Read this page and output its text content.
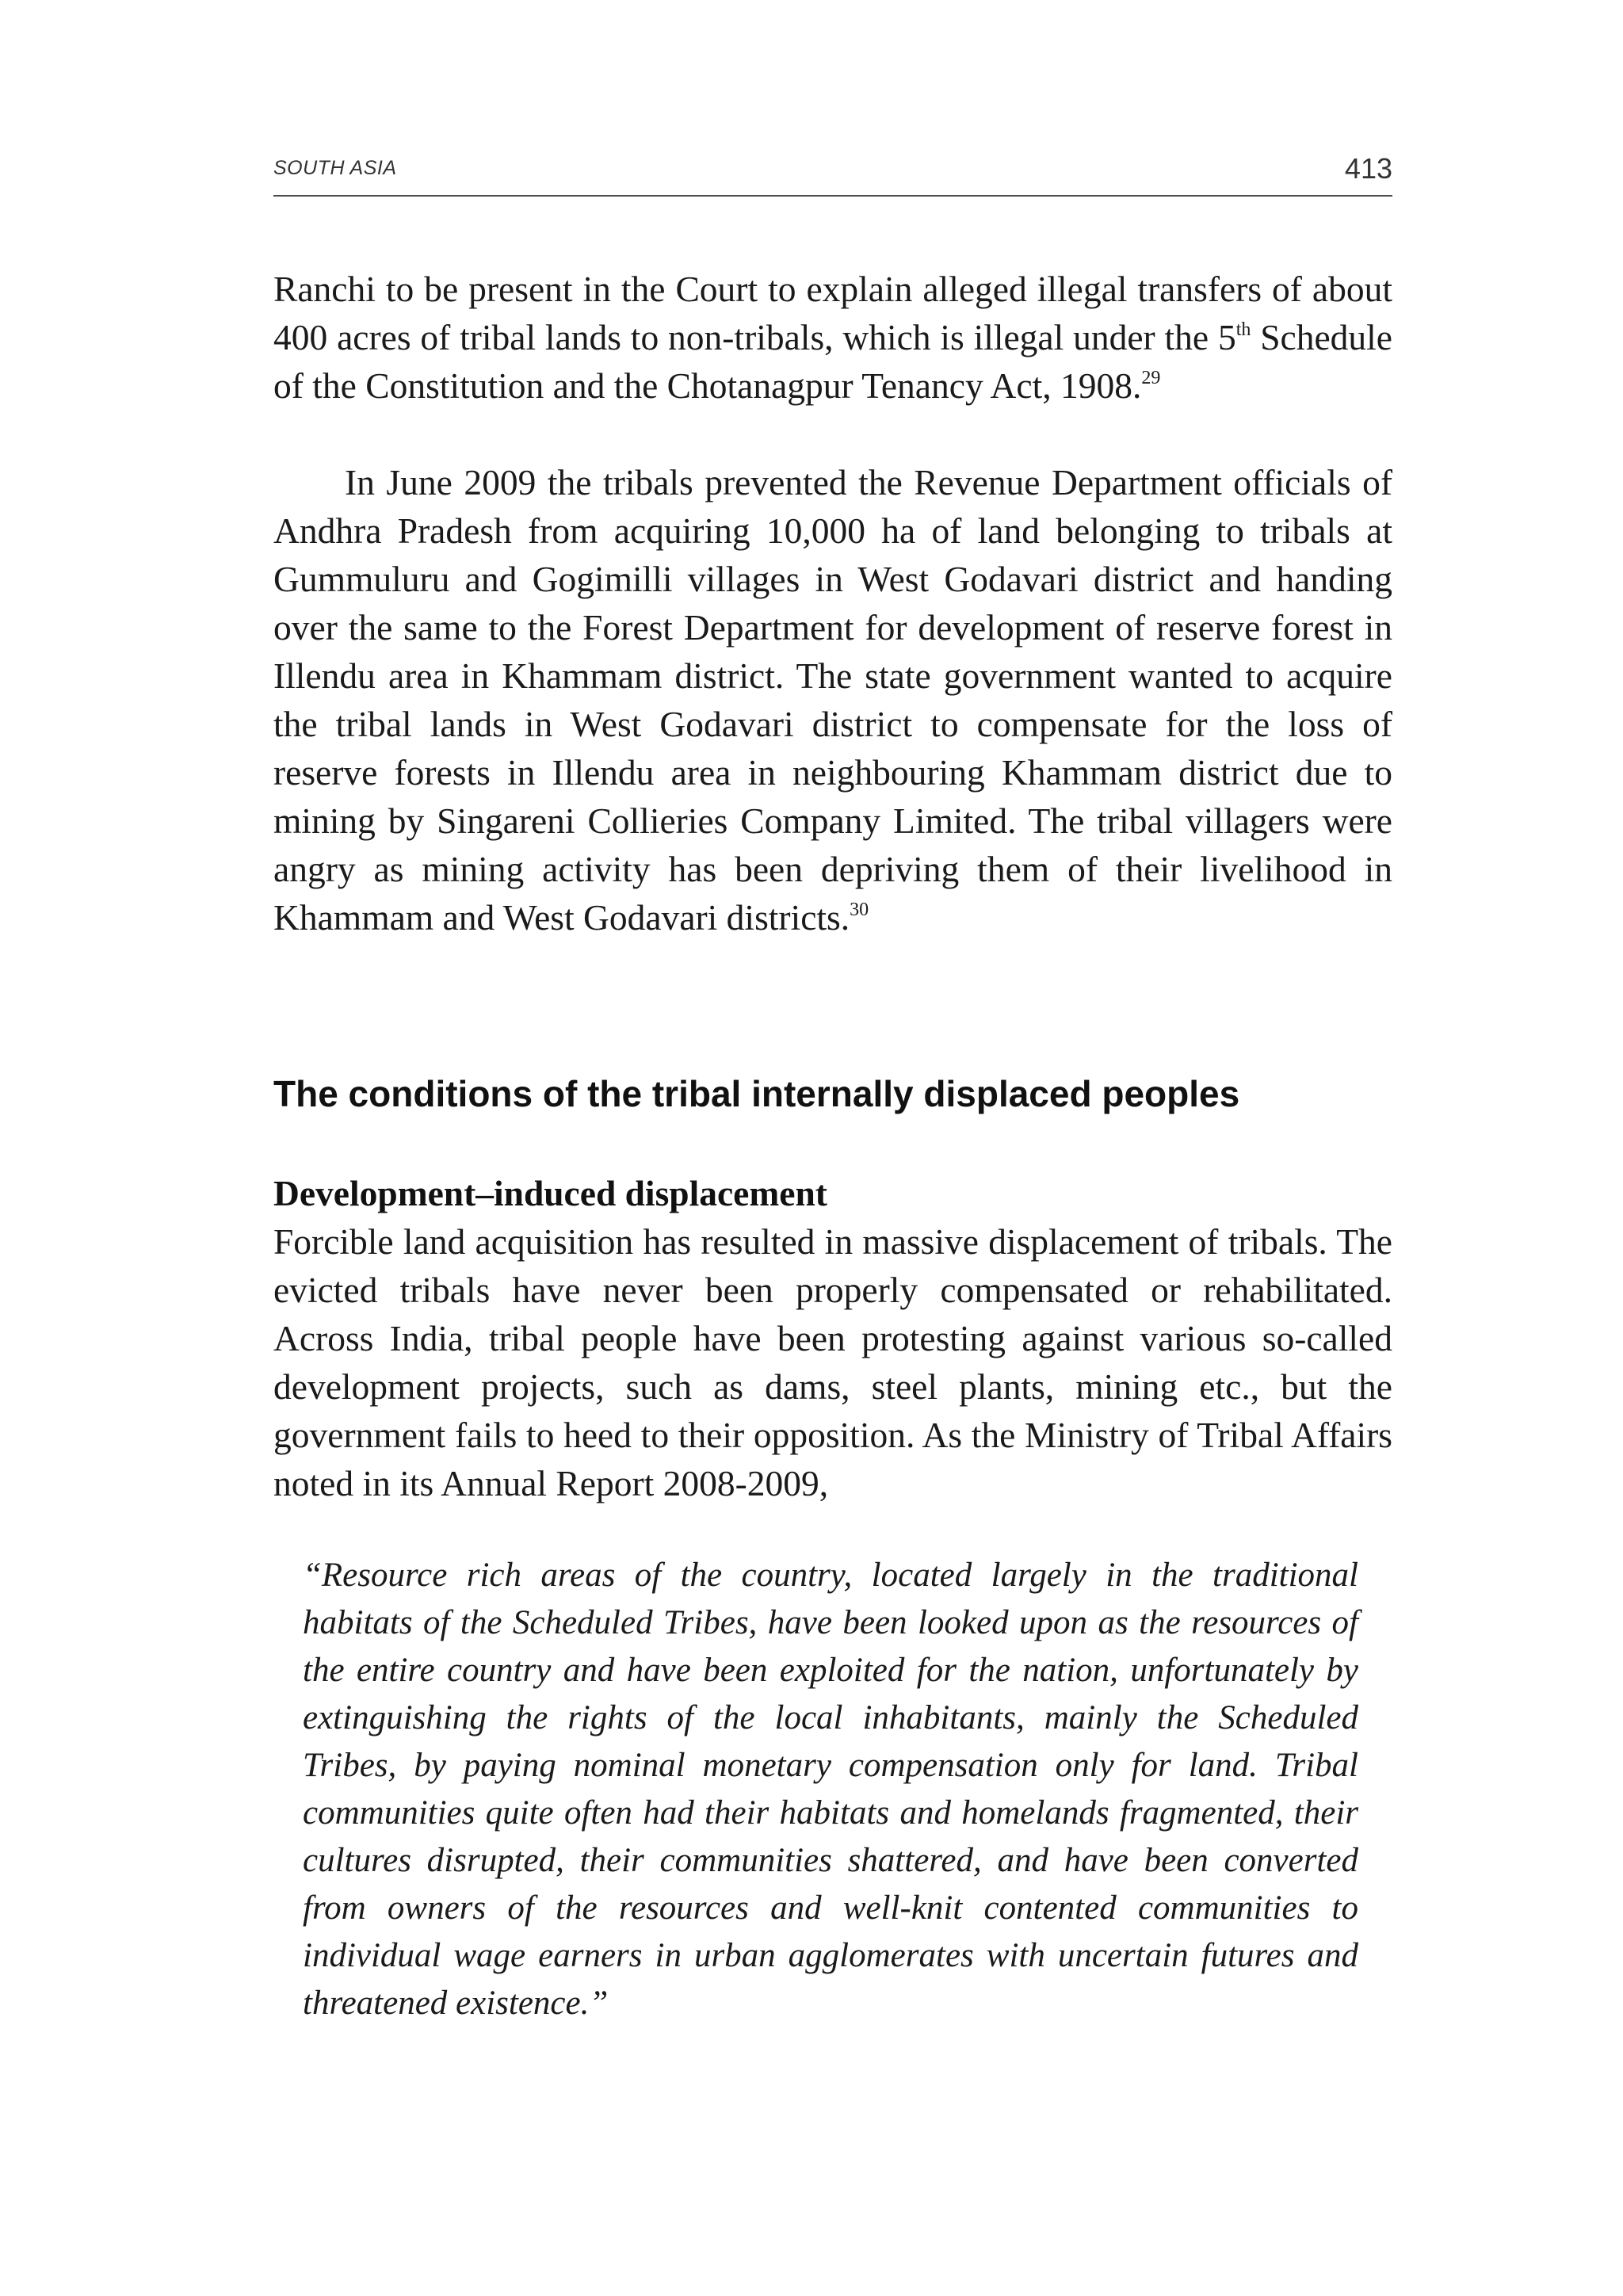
SOUTH ASIA	413

Ranchi to be present in the Court to explain alleged illegal transfers of about 400 acres of tribal lands to non-tribals, which is illegal under the 5th Schedule of the Constitution and the Chotanagpur Tenancy Act, 1908.29

In June 2009 the tribals prevented the Revenue Department officials of Andhra Pradesh from acquiring 10,000 ha of land belonging to tribals at Gummuluru and Gogimilli villages in West Godavari district and handing over the same to the Forest Department for development of reserve forest in Illendu area in Khammam district. The state government wanted to acquire the tribal lands in West Godavari district to compensate for the loss of reserve forests in Illendu area in neighbouring Khammam district due to mining by Singareni Collieries Company Limited. The tribal villagers were angry as mining activity has been depriving them of their livelihood in Khammam and West Godavari districts.$^{30}$

The conditions of the tribal internally displaced peoples
Development–induced displacement

Forcible land acquisition has resulted in massive displacement of tribals. The evicted tribals have never been properly compensated or rehabilitated. Across India, tribal people have been protesting against various so-called development projects, such as dams, steel plants, mining etc., but the government fails to heed to their opposition. As the Ministry of Tribal Affairs noted in its Annual Report 2008-2009,

“Resource rich areas of the country, located largely in the traditional habitats of the Scheduled Tribes, have been looked upon as the resources of the entire country and have been exploited for the nation, unfortunately by extinguishing the rights of the local inhabitants, mainly the Scheduled Tribes, by paying nominal monetary compensation only for land. Tribal communities quite often had their habitats and homelands fragmented, their cultures disrupted, their communities shattered, and have been converted from owners of the resources and well-knit contented communities to individual wage earners in urban agglomerates with uncertain futures and threatened existence.”
